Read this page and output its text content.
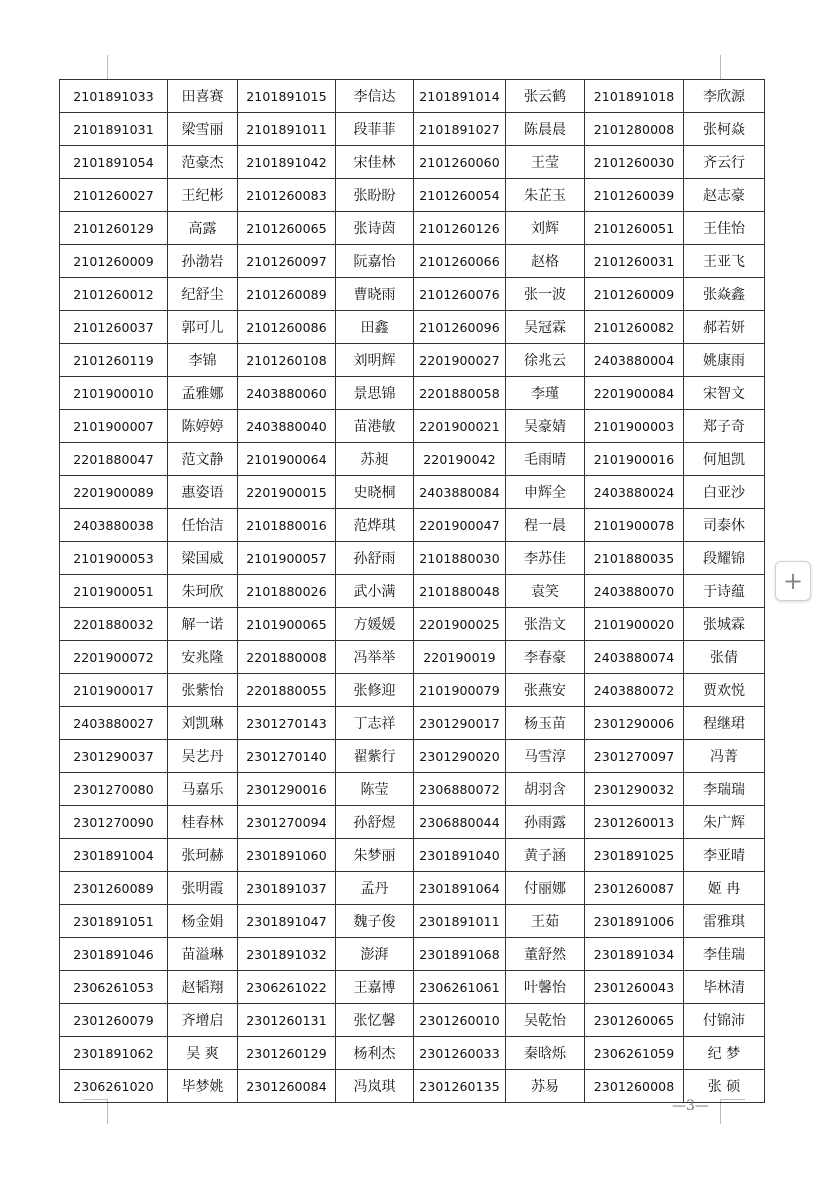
2101891033	田喜赛	2101891015	李信达	2101891014	张云鹤	2101891018	李欣源
2101891031	梁雪丽	2101891011	段菲菲	2101891027	陈晨晨	2101280008	张柯焱
2101891054	范豪杰	2101891042	宋佳林	2101260060	王莹	2101260030	齐云行
2101260027	王纪彬	2101260083	张盼盼	2101260054	朱芷玉	2101260039	赵志豪
2101260129	高露	2101260065	张诗茵	2101260126	刘辉	2101260051	王佳怡
2101260009	孙渤岩	2101260097	阮嘉怡	2101260066	赵格	2101260031	王亚飞
2101260012	纪舒尘	2101260089	曹晓雨	2101260076	张一波	2101260009	张焱鑫
2101260037	郭可儿	2101260086	田鑫	2101260096	吴冠霖	2101260082	郝若妍
2101260119	李锦	2101260108	刘明辉	2201900027	徐兆云	2403880004	姚康雨
2101900010	孟雅娜	2403880060	景思锦	2201880058	李瑾	2201900084	宋智文
2101900007	陈婷婷	2403880040	苗港敏	2201900021	吴豪婧	2101900003	郑子奇
2201880047	范文静	2101900064	苏昶	220190042	毛雨晴	2101900016	何旭凯
2201900089	惠姿语	2201900015	史晓桐	2403880084	申辉全	2403880024	白亚沙
2403880038	任怡洁	2101880016	范烨琪	2201900047	程一晨	2101900078	司泰休
2101900053	梁国威	2101900057	孙舒雨	2101880030	李苏佳	2101880035	段耀锦
2101900051	朱珂欣	2101880026	武小满	2101880048	袁笑	2403880070	于诗蕴
2201880032	解一诺	2101900065	方媛媛	2201900025	张浩文	2101900020	张城霖
2201900072	安兆隆	2201880008	冯举举	220190019	李春豪	2403880074	张倩
2101900017	张紫怡	2201880055	张修迎	2101900079	张燕安	2403880072	贾欢悦
2403880027	刘凯琳	2301270143	丁志祥	2301290017	杨玉苗	2301290006	程继珺
2301290037	吴艺丹	2301270140	翟紫行	2301290020	马雪淳	2301270097	冯菁
2301270080	马嘉乐	2301290016	陈莹	2306880072	胡羽含	2301290032	李瑞瑞
2301270090	桂春林	2301270094	孙舒煜	2306880044	孙雨露	2301260013	朱广辉
2301891004	张珂赫	2301891060	朱梦丽	2301891040	黄子涵	2301891025	李亚晴
2301260089	张明霞	2301891037	孟丹	2301891064	付丽娜	2301260087	姬 冉
2301891051	杨金娟	2301891047	魏子俊	2301891011	王茹	2301891006	雷雅琪
2301891046	苗溢琳	2301891032	澎湃	2301891068	董舒然	2301891034	李佳瑞
2306261053	赵韬翔	2306261022	王嘉博	2306261061	叶馨怡	2301260043	毕林清
2301260079	齐增启	2301260131	张忆馨	2301260010	吴乾怡	2301260065	付锦沛
2301891062	吴 爽	2301260129	杨利杰	2301260033	秦晗烁	2306261059	纪 梦
2306261020	毕梦姚	2301260084	冯岚琪	2301260135	苏易	2301260008	张 硕
—3—
+
